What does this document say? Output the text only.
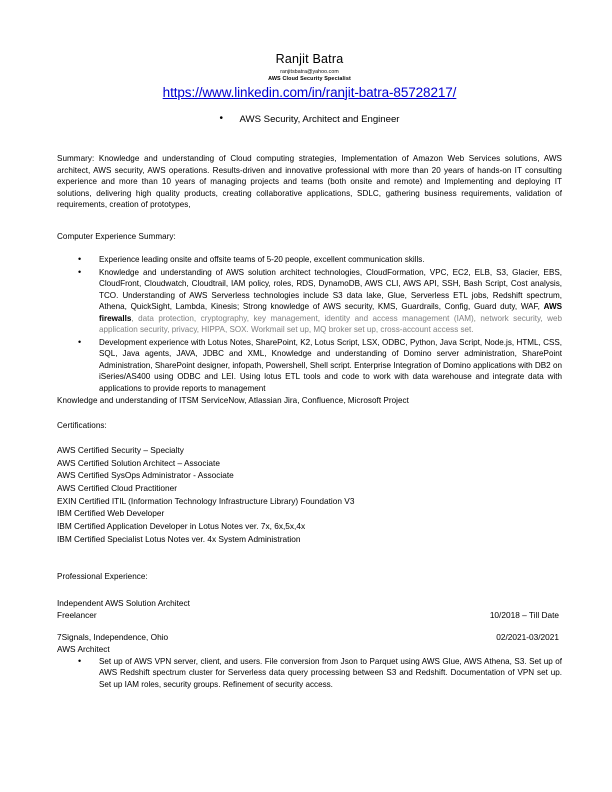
Ranjit Batra
ranjitsbatra@yahoo.com
AWS Cloud Security Specialist
https://www.linkedin.com/in/ranjit-batra-85728217/
• AWS Security, Architect and Engineer
Summary: Knowledge and understanding of Cloud computing strategies, Implementation of Amazon Web Services solutions, AWS architect, AWS security, AWS operations. Results-driven and innovative professional with more than 20 years of hands-on IT consulting experience and more than 10 years of managing projects and teams (both onsite and remote) and Implementing and deploying IT solutions, delivering high quality products, creating collaborative applications, SDLC, gathering business requirements, validation of requirements, creation of prototypes,
Computer Experience Summary:
• Experience leading onsite and offsite teams of 5-20 people, excellent communication skills.
• Knowledge and understanding of AWS solution architect technologies, CloudFormation, VPC, EC2, ELB, S3, Glacier, EBS, CloudFront, Cloudwatch, Cloudtrail, IAM policy, roles, RDS, DynamoDB, AWS CLI, AWS API, SSH, Bash Script, Cost analysis, TCO. Understanding of AWS Serverless technologies include S3 data lake, Glue, Serverless ETL jobs, Redshift spectrum, Athena, QuickSight, Lambda, Kinesis; Strong knowledge of AWS security, KMS, Guardrails, Config, Guard duty, WAF, AWS firewalls, data protection, cryptography, key management, identity and access management (IAM), network security, web application security, privacy, HIPPA, SOX. Workmail set up, MQ broker set up, cross-account access set.
• Development experience with Lotus Notes, SharePoint, K2, Lotus Script, LSX, ODBC, Python, Java Script, Node.js, HTML, CSS, SQL, Java agents, JAVA, JDBC and XML, Knowledge and understanding of Domino server administration, SharePoint Administration, SharePoint designer, infopath, Powershell, Shell script. Enterprise Integration of Domino applications with DB2 on iSeries/AS400 using ODBC and LEI. Using lotus ETL tools and code to work with data warehouse and integrate data with applications to provide reports to management
Knowledge and understanding of ITSM ServiceNow, Atlassian Jira, Confluence, Microsoft Project
Certifications:
AWS Certified Security – Specialty
AWS Certified Solution Architect – Associate
AWS Certified SysOps Administrator - Associate
AWS Certified Cloud Practitioner
EXIN Certified ITIL (Information Technology Infrastructure Library) Foundation V3
IBM Certified Web Developer
IBM Certified Application Developer in Lotus Notes ver. 7x, 6x,5x,4x
IBM Certified Specialist Lotus Notes ver. 4x System Administration
Professional Experience:
Independent AWS Solution Architect
Freelancer	10/2018 – Till Date
7Signals, Independence, Ohio	02/2021-03/2021
AWS Architect
• Set up of AWS VPN server, client, and users. File conversion from Json to Parquet using AWS Glue, AWS Athena, S3. Set up of AWS Redshift spectrum cluster for Serverless data query processing between S3 and Redshift. Documentation of VPN set up. Set up IAM roles, security groups. Refinement of security access.
